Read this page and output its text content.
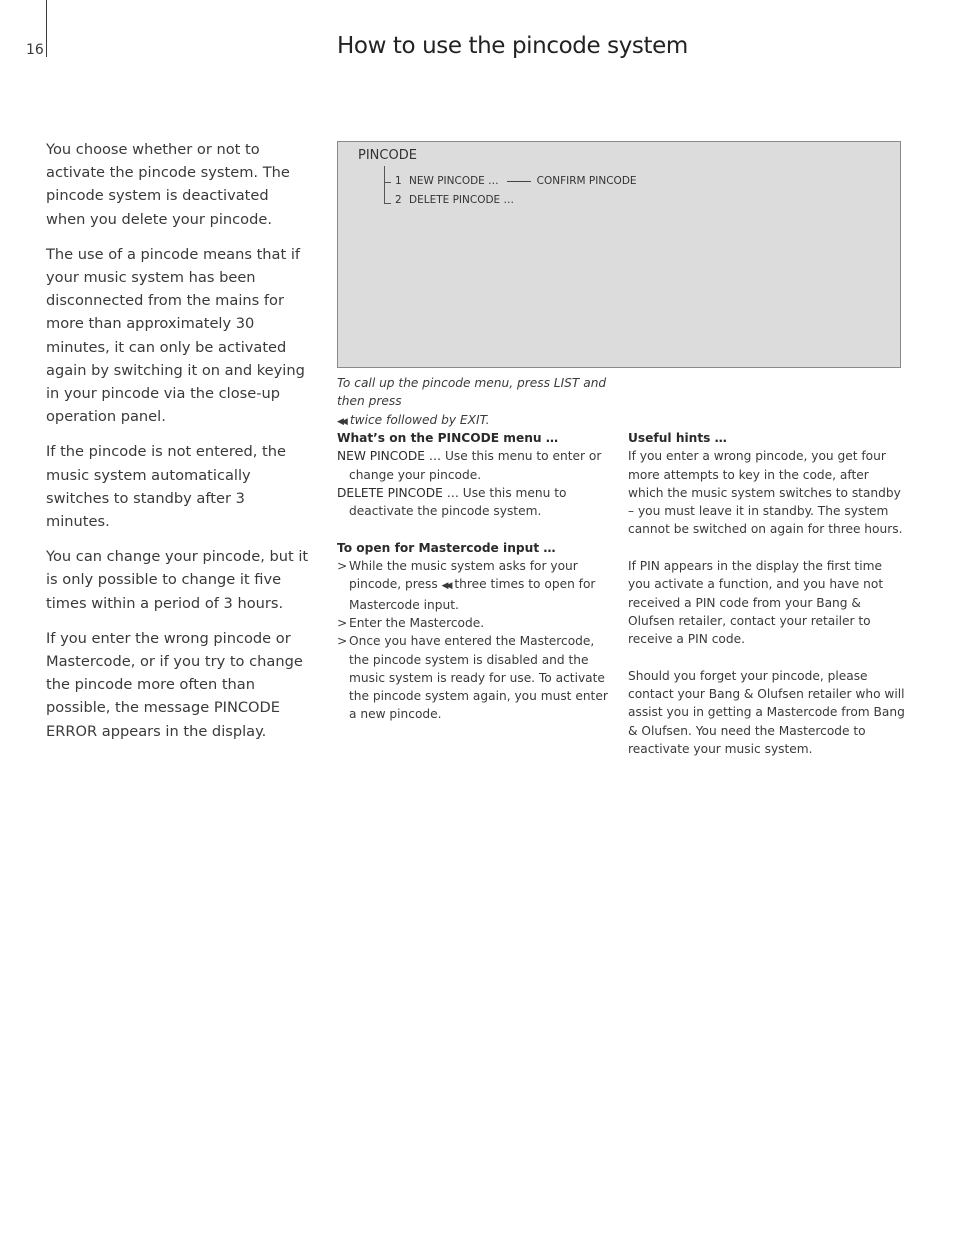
16	How to use the pincode system

You choose whether or not to activate the pincode system. The pincode system is deactivated when you delete your pincode.

The use of a pincode means that if your music system has been disconnected from the mains for more than approximately 30 minutes, it can only be activated again by switching it on and keying in your pincode via the close-up operation panel.

If the pincode is not entered, the music system automatically switches to standby after 3 minutes.

You can change your pincode, but it is only possible to change it five times within a period of 3 hours.

If you enter the wrong pincode or Mastercode, or if you try to change the pincode more often than possible, the message PINCODE ERROR appears in the display.

PINCODE
1 NEW PINCODE …	CONFIRM PINCODE
2 DELETE PINCODE …
To call up the pincode menu, press LIST and then press
◀◀ twice followed by EXIT.
What’s on the PINCODE menu …

NEW PINCODE … Use this menu to enter or change your pincode.

DELETE PINCODE … Use this menu to deactivate the pincode system.

To open for Mastercode input …

> While the music system asks for your pincode, press ◀◀ three times to open for Mastercode input.

> Enter the Mastercode.

> Once you have entered the Mastercode, the pincode system is disabled and the music system is ready for use. To activate the pincode system again, you must enter a new pincode.

Useful hints …

If you enter a wrong pincode, you get four more attempts to key in the code, after which the music system switches to standby – you must leave it in standby. The system cannot be switched on again for three hours.

If PIN appears in the display the first time you activate a function, and you have not received a PIN code from your Bang & Olufsen retailer, contact your retailer to receive a PIN code.

Should you forget your pincode, please contact your Bang & Olufsen retailer who will assist you in getting a Mastercode from Bang & Olufsen. You need the Mastercode to reactivate your music system.
